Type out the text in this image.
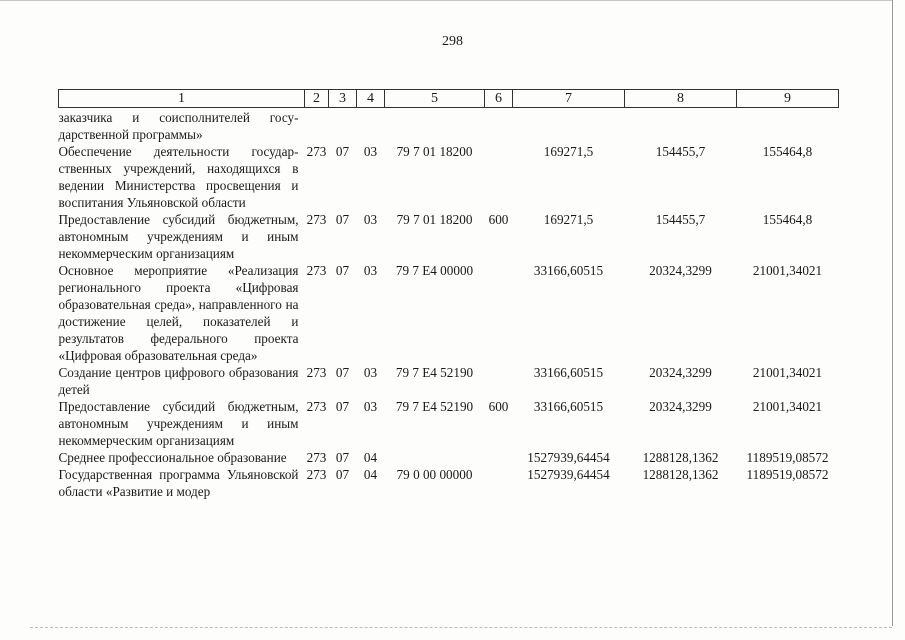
298
1	2	3	4	5	6	7	8	9
заказчика и соисполнителей государственной программы»								
Обеспечение деятельности государственных учреждений, находящихся в ведении Министерства просвещения и воспитания Ульяновской области	273	07	03	79 7 01 18200		169271,5	154455,7	155464,8
Предоставление субсидий бюджетным, автономным учреждениям и иным некоммерческим организациям	273	07	03	79 7 01 18200	600	169271,5	154455,7	155464,8
Основное мероприятие «Реализация регионального проекта «Цифровая образовательная среда», направленного на достижение целей, показателей и результатов федерального проекта «Цифровая образовательная среда»	273	07	03	79 7 E4 00000		33166,60515	20324,3299	21001,34021
Создание центров цифрового образования детей	273	07	03	79 7 E4 52190		33166,60515	20324,3299	21001,34021
Предоставление субсидий бюджетным, автономным учреждениям и иным некоммерческим организациям	273	07	03	79 7 E4 52190	600	33166,60515	20324,3299	21001,34021
Среднее профессиональное образование	273	07	04			1527939,64454	1288128,1362	1189519,08572
Государственная программа Ульяновской области «Развитие и модер	273	07	04	79 0 00 00000		1527939,64454	1288128,1362	1189519,08572
